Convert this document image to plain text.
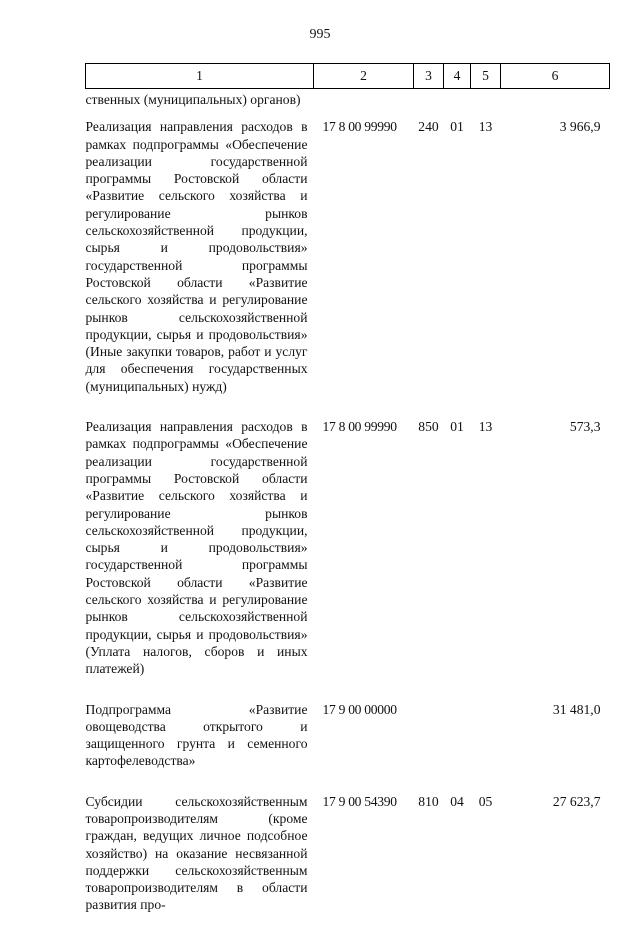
995
1	2	3	4	5	6
ственных (муниципальных) органов)					
Реализация направления расходов в рамках подпрограммы «Обеспечение реализации государственной программы Ростовской области «Развитие сельского хозяйства и регулирование рынков сельскохозяйственной продукции, сырья и продовольствия» государственной программы Ростовской области «Развитие сельского хозяйства и регулирование рынков сельскохозяйственной продукции, сырья и продовольствия» (Иные закупки товаров, работ и услуг для обеспечения государственных (муниципальных) нужд)	17 8 00 99990	240	01	13	3 966,9
Реализация направления расходов в рамках подпрограммы «Обеспечение реализации государственной программы Ростовской области «Развитие сельского хозяйства и регулирование рынков сельскохозяйственной продукции, сырья и продовольствия» государственной программы Ростовской области «Развитие сельского хозяйства и регулирование рынков сельскохозяйственной продукции, сырья и продовольствия» (Уплата налогов, сборов и иных платежей)	17 8 00 99990	850	01	13	573,3
Подпрограмма «Развитие овощеводства открытого и защищенного грунта и семенного картофелеводства»	17 9 00 00000				31 481,0
Субсидии сельскохозяйственным товаропроизводителям (кроме граждан, ведущих личное подсобное хозяйство) на оказание несвязанной поддержки сельскохозяйственным товаропроизводителям в области развития про-	17 9 00 54390	810	04	05	27 623,7
